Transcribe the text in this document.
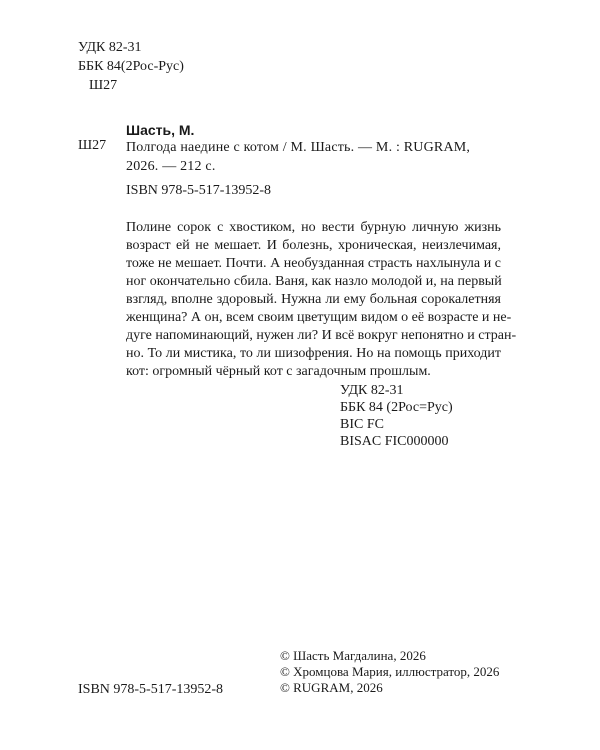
УДК 82-31
ББК 84(2Рос-Рус)
Ш27
Шасть, М.
Ш27 Полгода наедине с котом / М. Шасть. — М. : RUGRAM, 2026. — 212 с.
ISBN 978-5-517-13952-8
Полине сорок с хвостиком, но вести бурную личную жизнь
возраст ей не мешает. И болезнь, хроническая, неизлечимая,
тоже не мешает. Почти. А необузданная страсть нахлынула и с
ног окончательно сбила. Ваня, как назло молодой и, на первый
взгляд, вполне здоровый. Нужна ли ему больная сорокалетняя
женщина? А он, всем своим цветущим видом о её возрасте и не-
дуге напоминающий, нужен ли? И всё вокруг непонятно и стран-
но. То ли мистика, то ли шизофрения. Но на помощь приходит
кот: огромный чёрный кот с загадочным прошлым.
УДК 82-31
ББК 84 (2Рос=Рус)
BIC FC
BISAC FIC000000
© Шасть Магдалина, 2026
© Хромцова Мария, иллюстратор, 2026
© RUGRAM, 2026
ISBN 978-5-517-13952-8
